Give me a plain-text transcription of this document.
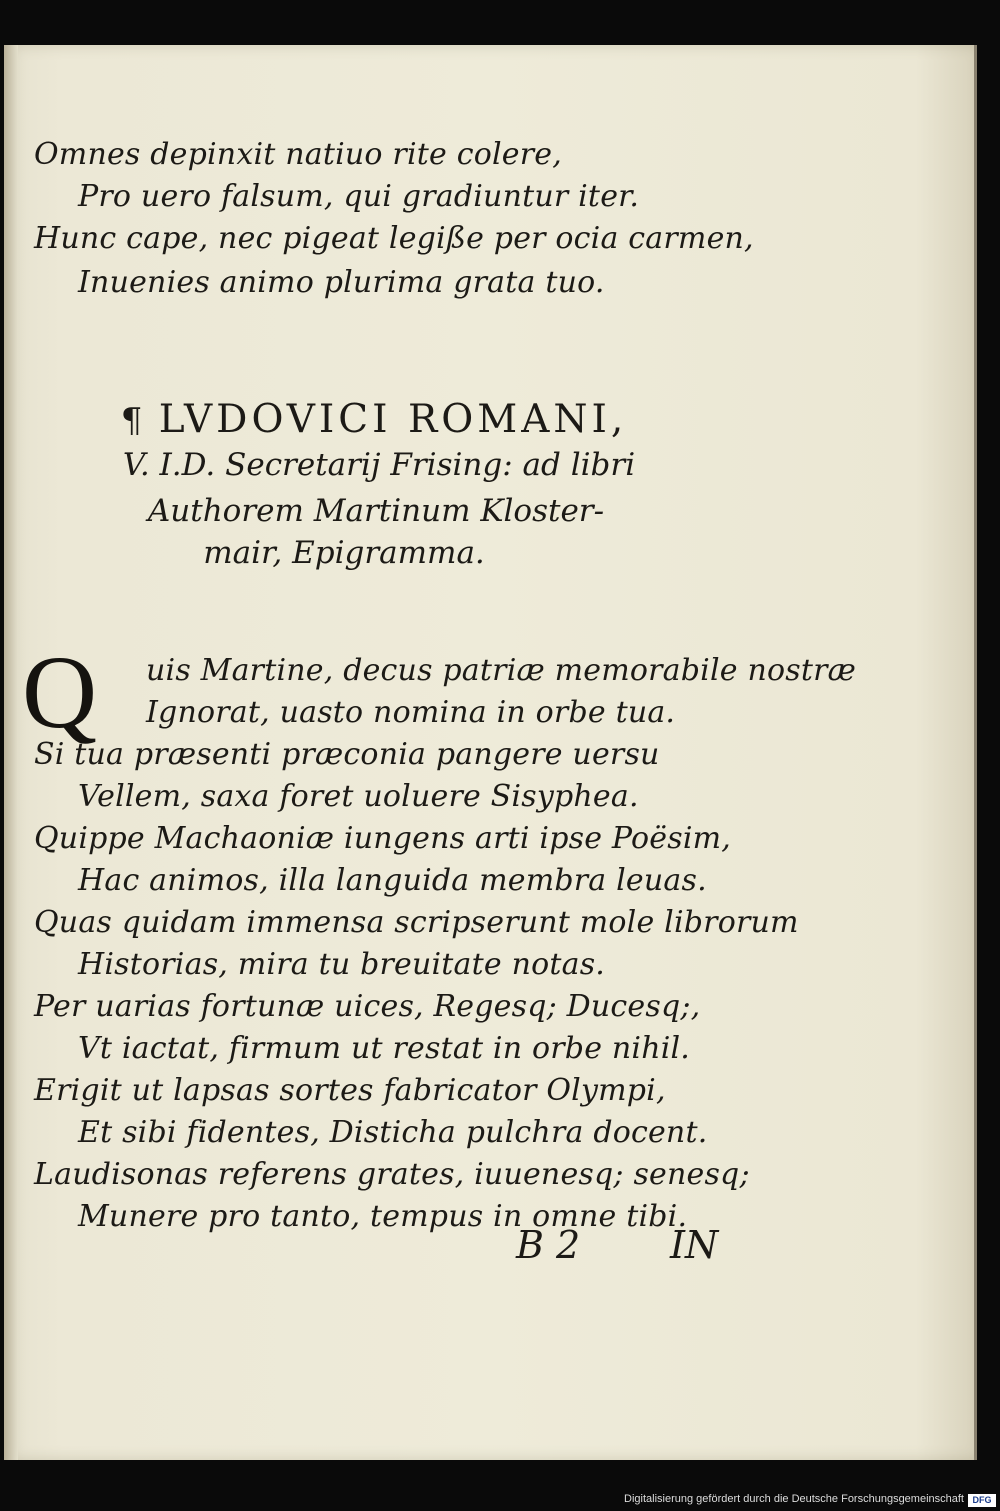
Omnes depinxit natiuo rite colere,

Pro uero falsum, qui gradiuntur iter.

Hunc cape, nec pigeat legiße per ocia carmen,

Inuenies animo plurima grata tuo.

¶ LVDOVICI ROMANI,
V. I.D. Secretarij Frising: ad libri
Authorem Martinum Kloster-
mair, Epigramma.
Q uis Martine, decus patriæ memorabile nostræ

Ignorat, uasto nomina in orbe tua.

Si tua præsenti præconia pangere uersu

Vellem, saxa foret uoluere Sisyphea.

Quippe Machaoniæ iungens arti ipse Poësim,

Hac animos, illa languida membra leuas.

Quas quidam immensa scripserunt mole librorum

Historias, mira tu breuitate notas.

Per uarias fortunæ uices, Regesq; Ducesq;,

Vt iactat, firmum ut restat in orbe nihil.

Erigit ut lapsas sortes fabricator Olympi,

Et sibi fidentes, Disticha pulchra docent.

Laudisonas referens grates, iuuenesq; senesq;

Munere pro tanto, tempus in omne tibi.

B 2 IN
Digitalisierung gefördert durch die Deutsche Forschungsgemeinschaft DFG
